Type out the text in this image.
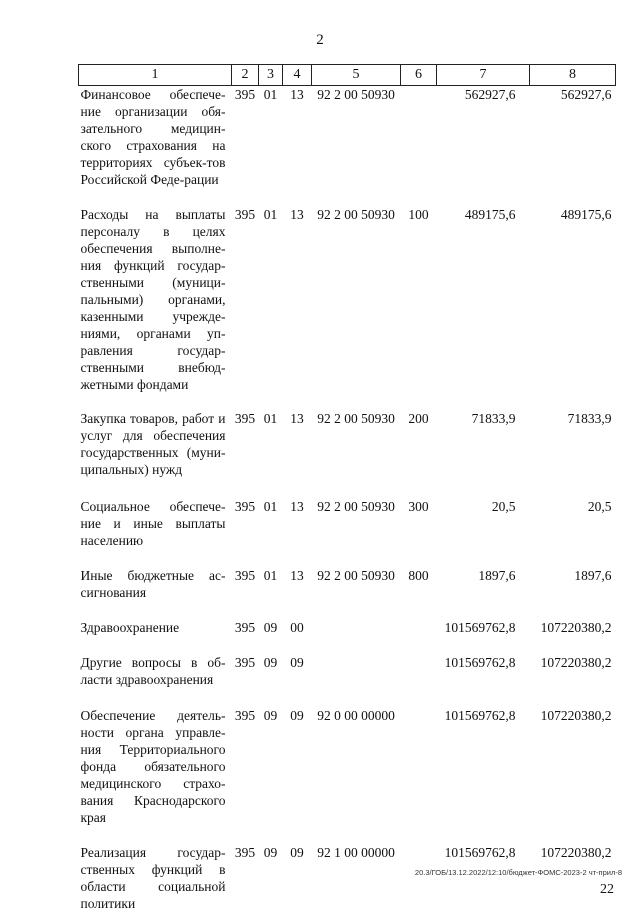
2
1	2	3	4	5	6	7	8
Финансовое обеспече-ние организации обя-зательного медицин-ского страхования на территориях субъек-тов Российской Феде-рации	395	01	13	92 2 00 50930		562927,6	562927,6

Расходы на выплаты персоналу в целях обеспечения выполне-ния функций государ-ственными (муници-пальными) органами, казенными учрежде-ниями, органами уп-равления государ-ственными внебюд-жетными фондами	395	01	13	92 2 00 50930	100	489175,6	489175,6

Закупка товаров, работ и услуг для обеспечения государственных (муни-ципальных) нужд	395	01	13	92 2 00 50930	200	71833,9	71833,9

Социальное обеспече-ние и иные выплаты населению	395	01	13	92 2 00 50930	300	20,5	20,5

Иные бюджетные ас-сигнования	395	01	13	92 2 00 50930	800	1897,6	1897,6

Здравоохранение	395	09	00			101569762,8	107220380,2

Другие вопросы в об-ласти здравоохранения	395	09	09			101569762,8	107220380,2

Обеспечение деятель-ности органа управле-ния Территориального фонда обязательного медицинского страхо-вания Краснодарского края	395	09	09	92 0 00 00000		101569762,8	107220380,2

Реализация государ-ственных функций в области социальной политики	395	09	09	92 1 00 00000		101569762,8	107220380,2
20.3/ГОБ/13.12.2022/12:10/бюджет-ФОМС-2023-2 чт-прил-8
22
